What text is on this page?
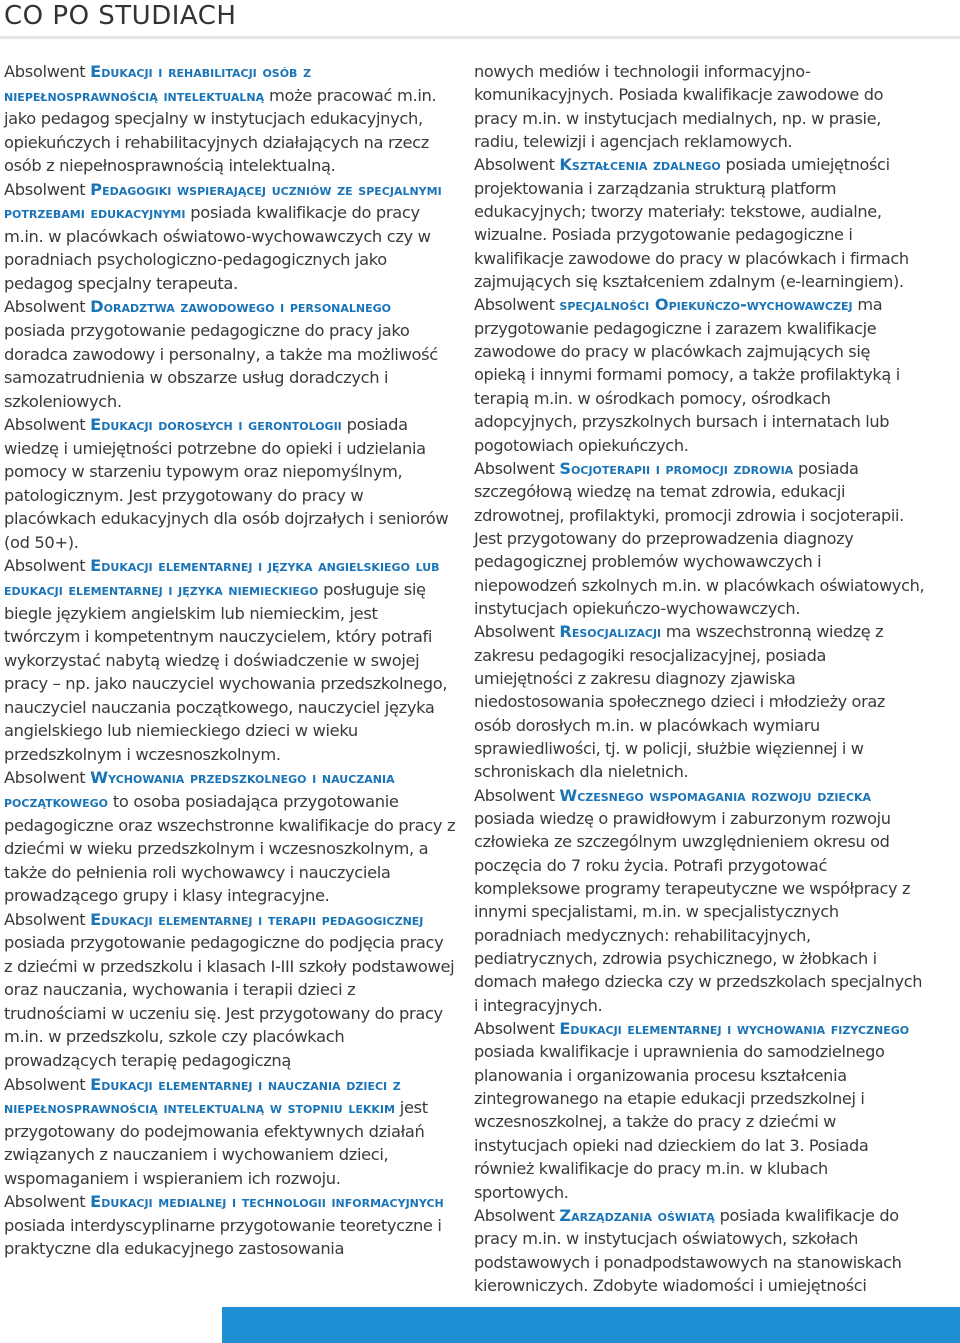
CO PO STUDIACH

Absolwent Edukacji i rehabilitacji osób z niepełnosprawnością intelektualną może pracować m.in. jako pedagog specjalny w instytucjach edukacyjnych, opiekuńczych i rehabilitacyjnych działających na rzecz osób z niepełnosprawnością intelektualną.

Absolwent Pedagogiki wspierającej uczniów ze specjalnymi potrzebami edukacyjnymi posiada kwalifikacje do pracy m.in. w placówkach oświatowo-wychowawczych czy w poradniach psychologiczno-pedagogicznych jako pedagog specjalny terapeuta.

Absolwent Doradztwa zawodowego i personalnego posiada przygotowanie pedagogiczne do pracy jako doradca zawodowy i personalny, a także ma możliwość samozatrudnienia w obszarze usług doradczych i szkoleniowych.

Absolwent Edukacji dorosłych i gerontologii posiada wiedzę i umiejętności potrzebne do opieki i udzielania pomocy w starzeniu typowym oraz niepomyślnym, patologicznym. Jest przygotowany do pracy w placówkach edukacyjnych dla osób dojrzałych i seniorów (od 50+).

Absolwent Edukacji elementarnej i języka angielskiego lub edukacji elementarnej i języka niemieckiego posługuje się biegle językiem angielskim lub niemieckim, jest twórczym i kompetentnym nauczycielem, który potrafi wykorzystać nabytą wiedzę i doświadczenie w swojej pracy – np. jako nauczyciel wychowania przedszkolnego, nauczyciel nauczania początkowego, nauczyciel języka angielskiego lub niemieckiego dzieci w wieku przedszkolnym i wczesnoszkolnym.

Absolwent Wychowania przedszkolnego i nauczania początkowego to osoba posiadająca przygotowanie pedagogiczne oraz wszechstronne kwalifikacje do pracy z dziećmi w wieku przedszkolnym i wczesnoszkolnym, a także do pełnienia roli wychowawcy i nauczyciela prowadzącego grupy i klasy integracyjne.

Absolwent Edukacji elementarnej i terapii pedagogicznej posiada przygotowanie pedagogiczne do podjęcia pracy z dziećmi w przedszkolu i klasach I-III szkoły podstawowej oraz nauczania, wychowania i terapii dzieci z trudnościami w uczeniu się. Jest przygotowany do pracy m.in. w przedszkolu, szkole czy placówkach prowadzących terapię pedagogiczną

Absolwent Edukacji elementarnej i nauczania dzieci z niepełnosprawnością intelektualną w stopniu lekkim jest przygotowany do podejmowania efektywnych działań związanych z nauczaniem i wychowaniem dzieci, wspomaganiem i wspieraniem ich rozwoju.

Absolwent Edukacji medialnej i technologii informacyjnych posiada interdyscyplinarne przygotowanie teoretyczne i praktyczne dla edukacyjnego zastosowania

nowych mediów i technologii informacyjno-komunikacyjnych. Posiada kwalifikacje zawodowe do pracy m.in. w instytucjach medialnych, np. w prasie, radiu, telewizji i agencjach reklamowych.

Absolwent Kształcenia zdalnego posiada umiejętności projektowania i zarządzania strukturą platform edukacyjnych; tworzy materiały: tekstowe, audialne, wizualne. Posiada przygotowanie pedagogiczne i kwalifikacje zawodowe do pracy w placówkach i firmach zajmujących się kształceniem zdalnym (e-learningiem).

Absolwent specjalności Opiekuńczo-wychowawczej ma przygotowanie pedagogiczne i zarazem kwalifikacje zawodowe do pracy w placówkach zajmujących się opieką i innymi formami pomocy, a także profilaktyką i terapią m.in. w ośrodkach pomocy, ośrodkach adopcyjnych, przyszkolnych bursach i internatach lub pogotowiach opiekuńczych.

Absolwent Socjoterapii i promocji zdrowia posiada szczegółową wiedzę na temat zdrowia, edukacji zdrowotnej, profilaktyki, promocji zdrowia i socjoterapii. Jest przygotowany do przeprowadzenia diagnozy pedagogicznej problemów wychowawczych i niepowodzeń szkolnych m.in. w placówkach oświatowych, instytucjach opiekuńczo-wychowawczych.

Absolwent Resocjalizacji ma wszechstronną wiedzę z zakresu pedagogiki resocjalizacyjnej, posiada umiejętności z zakresu diagnozy zjawiska niedostosowania społecznego dzieci i młodzieży oraz osób dorosłych m.in. w placówkach wymiaru sprawiedliwości, tj. w policji, służbie więziennej i w schroniskach dla nieletnich.

Absolwent Wczesnego wspomagania rozwoju dziecka posiada wiedzę o prawidłowym i zaburzonym rozwoju człowieka ze szczególnym uwzględnieniem okresu od poczęcia do 7 roku życia. Potrafi przygotować kompleksowe programy terapeutyczne we współpracy z innymi specjalistami, m.in. w specjalistycznych poradniach medycznych: rehabilitacyjnych, pediatrycznych, zdrowia psychicznego, w żłobkach i domach małego dziecka czy w przedszkolach specjalnych i integracyjnych.

Absolwent Edukacji elementarnej i wychowania fizycznego posiada kwalifikacje i uprawnienia do samodzielnego planowania i organizowania procesu kształcenia zintegrowanego na etapie edukacji przedszkolnej i wczesnoszkolnej, a także do pracy z dziećmi w instytucjach opieki nad dzieckiem do lat 3. Posiada również kwalifikacje do pracy m.in. w klubach sportowych.

Absolwent Zarządzania oświatą posiada kwalifikacje do pracy m.in. w instytucjach oświatowych, szkołach podstawowych i ponadpodstawowych na stanowiskach kierowniczych. Zdobyte wiadomości i umiejętności
